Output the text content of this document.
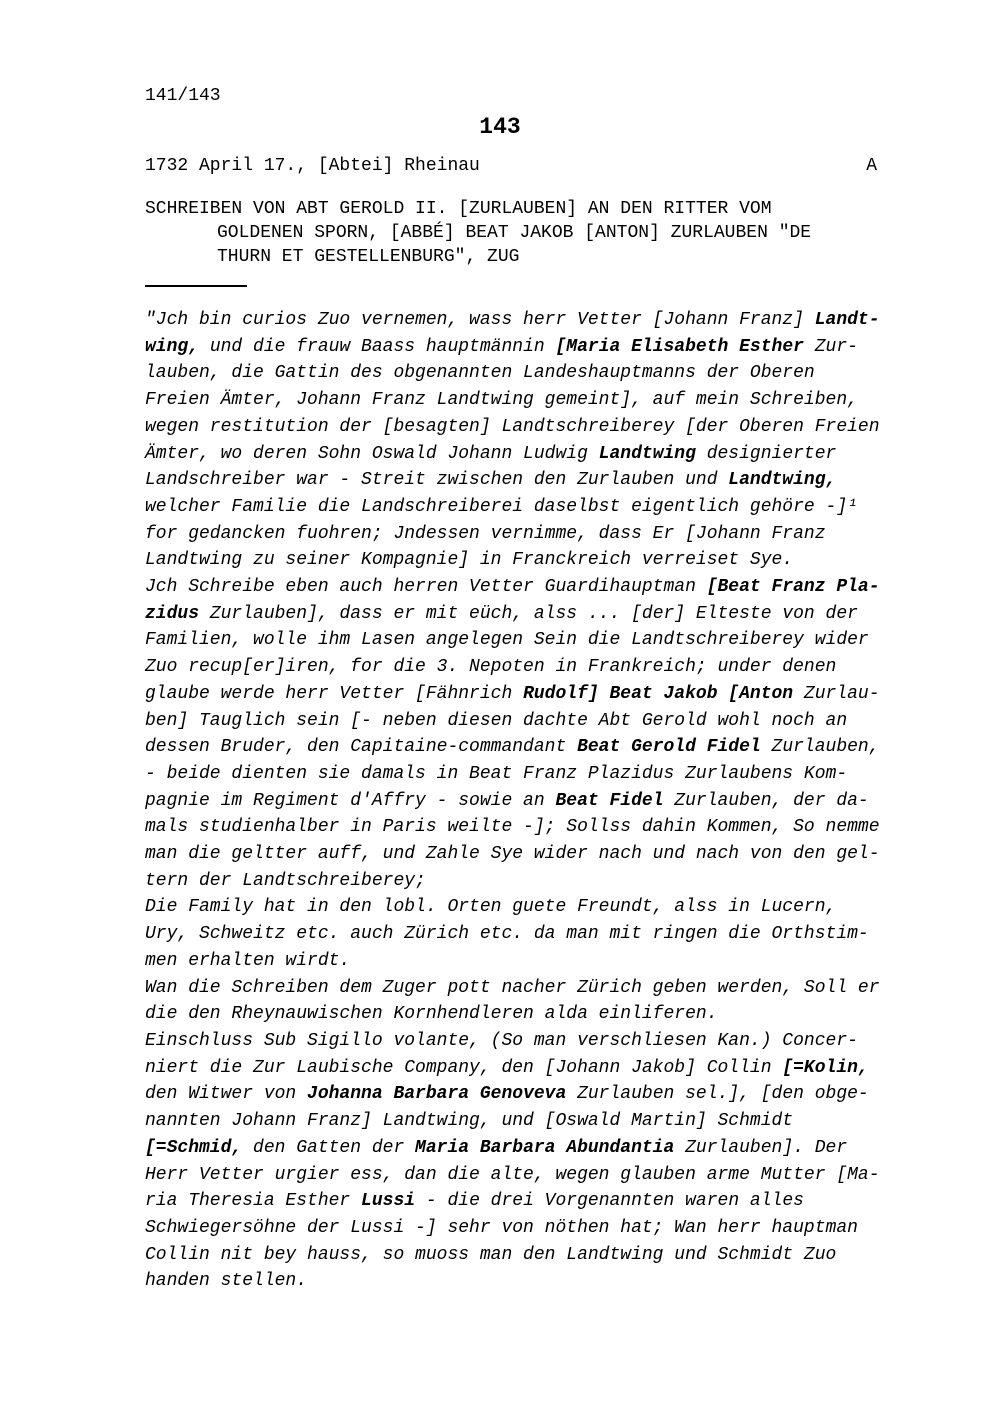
141/143
143
1732 April 17., [Abtei] Rheinau	A
SCHREIBEN VON ABT GEROLD II. [ZURLAUBEN] AN DEN RITTER VOM
GOLDENEN SPORN, [ABBÉ] BEAT JAKOB [ANTON] ZURLAUBEN "DE
THURN ET GESTELLENBURG", ZUG
"Jch bin curios Zuo vernemen, wass herr Vetter [Johann Franz] Landt-
wing, und die frauw Baass hauptmännin [Maria Elisabeth Esther Zur-
lauben, die Gattin des obgenannten Landeshauptmanns der Oberen
Freien Ämter, Johann Franz Landtwing gemeint], auf mein Schreiben,
wegen restitution der [besagten] Landtschreiberey [der Oberen Freien
Ämter, wo deren Sohn Oswald Johann Ludwig Landtwing designierter
Landschreiber war - Streit zwischen den Zurlauben und Landtwing,
welcher Familie die Landschreiberei daselbst eigentlich gehöre -]¹
for gedancken fuohren; Jndessen vernimme, dass Er [Johann Franz
Landtwing zu seiner Kompagnie] in Franckreich verreiset Sye.
Jch Schreibe eben auch herren Vetter Guardihauptman [Beat Franz Pla-
zidus Zurlauben], dass er mit eüch, alss ... [der] Elteste von der
Familien, wolle ihm Lasen angelegen Sein die Landtschreiberey wider
Zuo recup[er]iren, for die 3. Nepoten in Frankreich; under denen
glaube werde herr Vetter [Fähnrich Rudolf] Beat Jakob [Anton Zurlau-
ben] Tauglich sein [- neben diesen dachte Abt Gerold wohl noch an
dessen Bruder, den Capitaine-commandant Beat Gerold Fidel Zurlauben,
- beide dienten sie damals in Beat Franz Plazidus Zurlaubens Kom-
pagnie im Regiment d'Affry - sowie an Beat Fidel Zurlauben, der da-
mals studienhalber in Paris weilte -]; Sollss dahin Kommen, So nemme
man die geltter auff, und Zahle Sye wider nach und nach von den gel-
tern der Landtschreiberey;
Die Family hat in den lobl. Orten guete Freundt, alss in Lucern,
Ury, Schweitz etc. auch Zürich etc. da man mit ringen die Orthstim-
men erhalten wirdt.
Wan die Schreiben dem Zuger pott nacher Zürich geben werden, Soll er
die den Rheynauwischen Kornhendleren alda einliferen.
Einschluss Sub Sigillo volante, (So man verschliesen Kan.) Concer-
niert die Zur Laubische Company, den [Johann Jakob] Collin [=Kolin,
den Witwer von Johanna Barbara Genoveva Zurlauben sel.], [den obge-
nannten Johann Franz] Landtwing, und [Oswald Martin] Schmidt
[=Schmid, den Gatten der Maria Barbara Abundantia Zurlauben]. Der
Herr Vetter urgier ess, dan die alte, wegen glauben arme Mutter [Ma-
ria Theresia Esther Lussi - die drei Vorgenannten waren alles
Schwiegersöhne der Lussi -] sehr von nöthen hat; Wan herr hauptman
Collin nit bey hauss, so muoss man den Landtwing und Schmidt Zuo
handen stellen.
